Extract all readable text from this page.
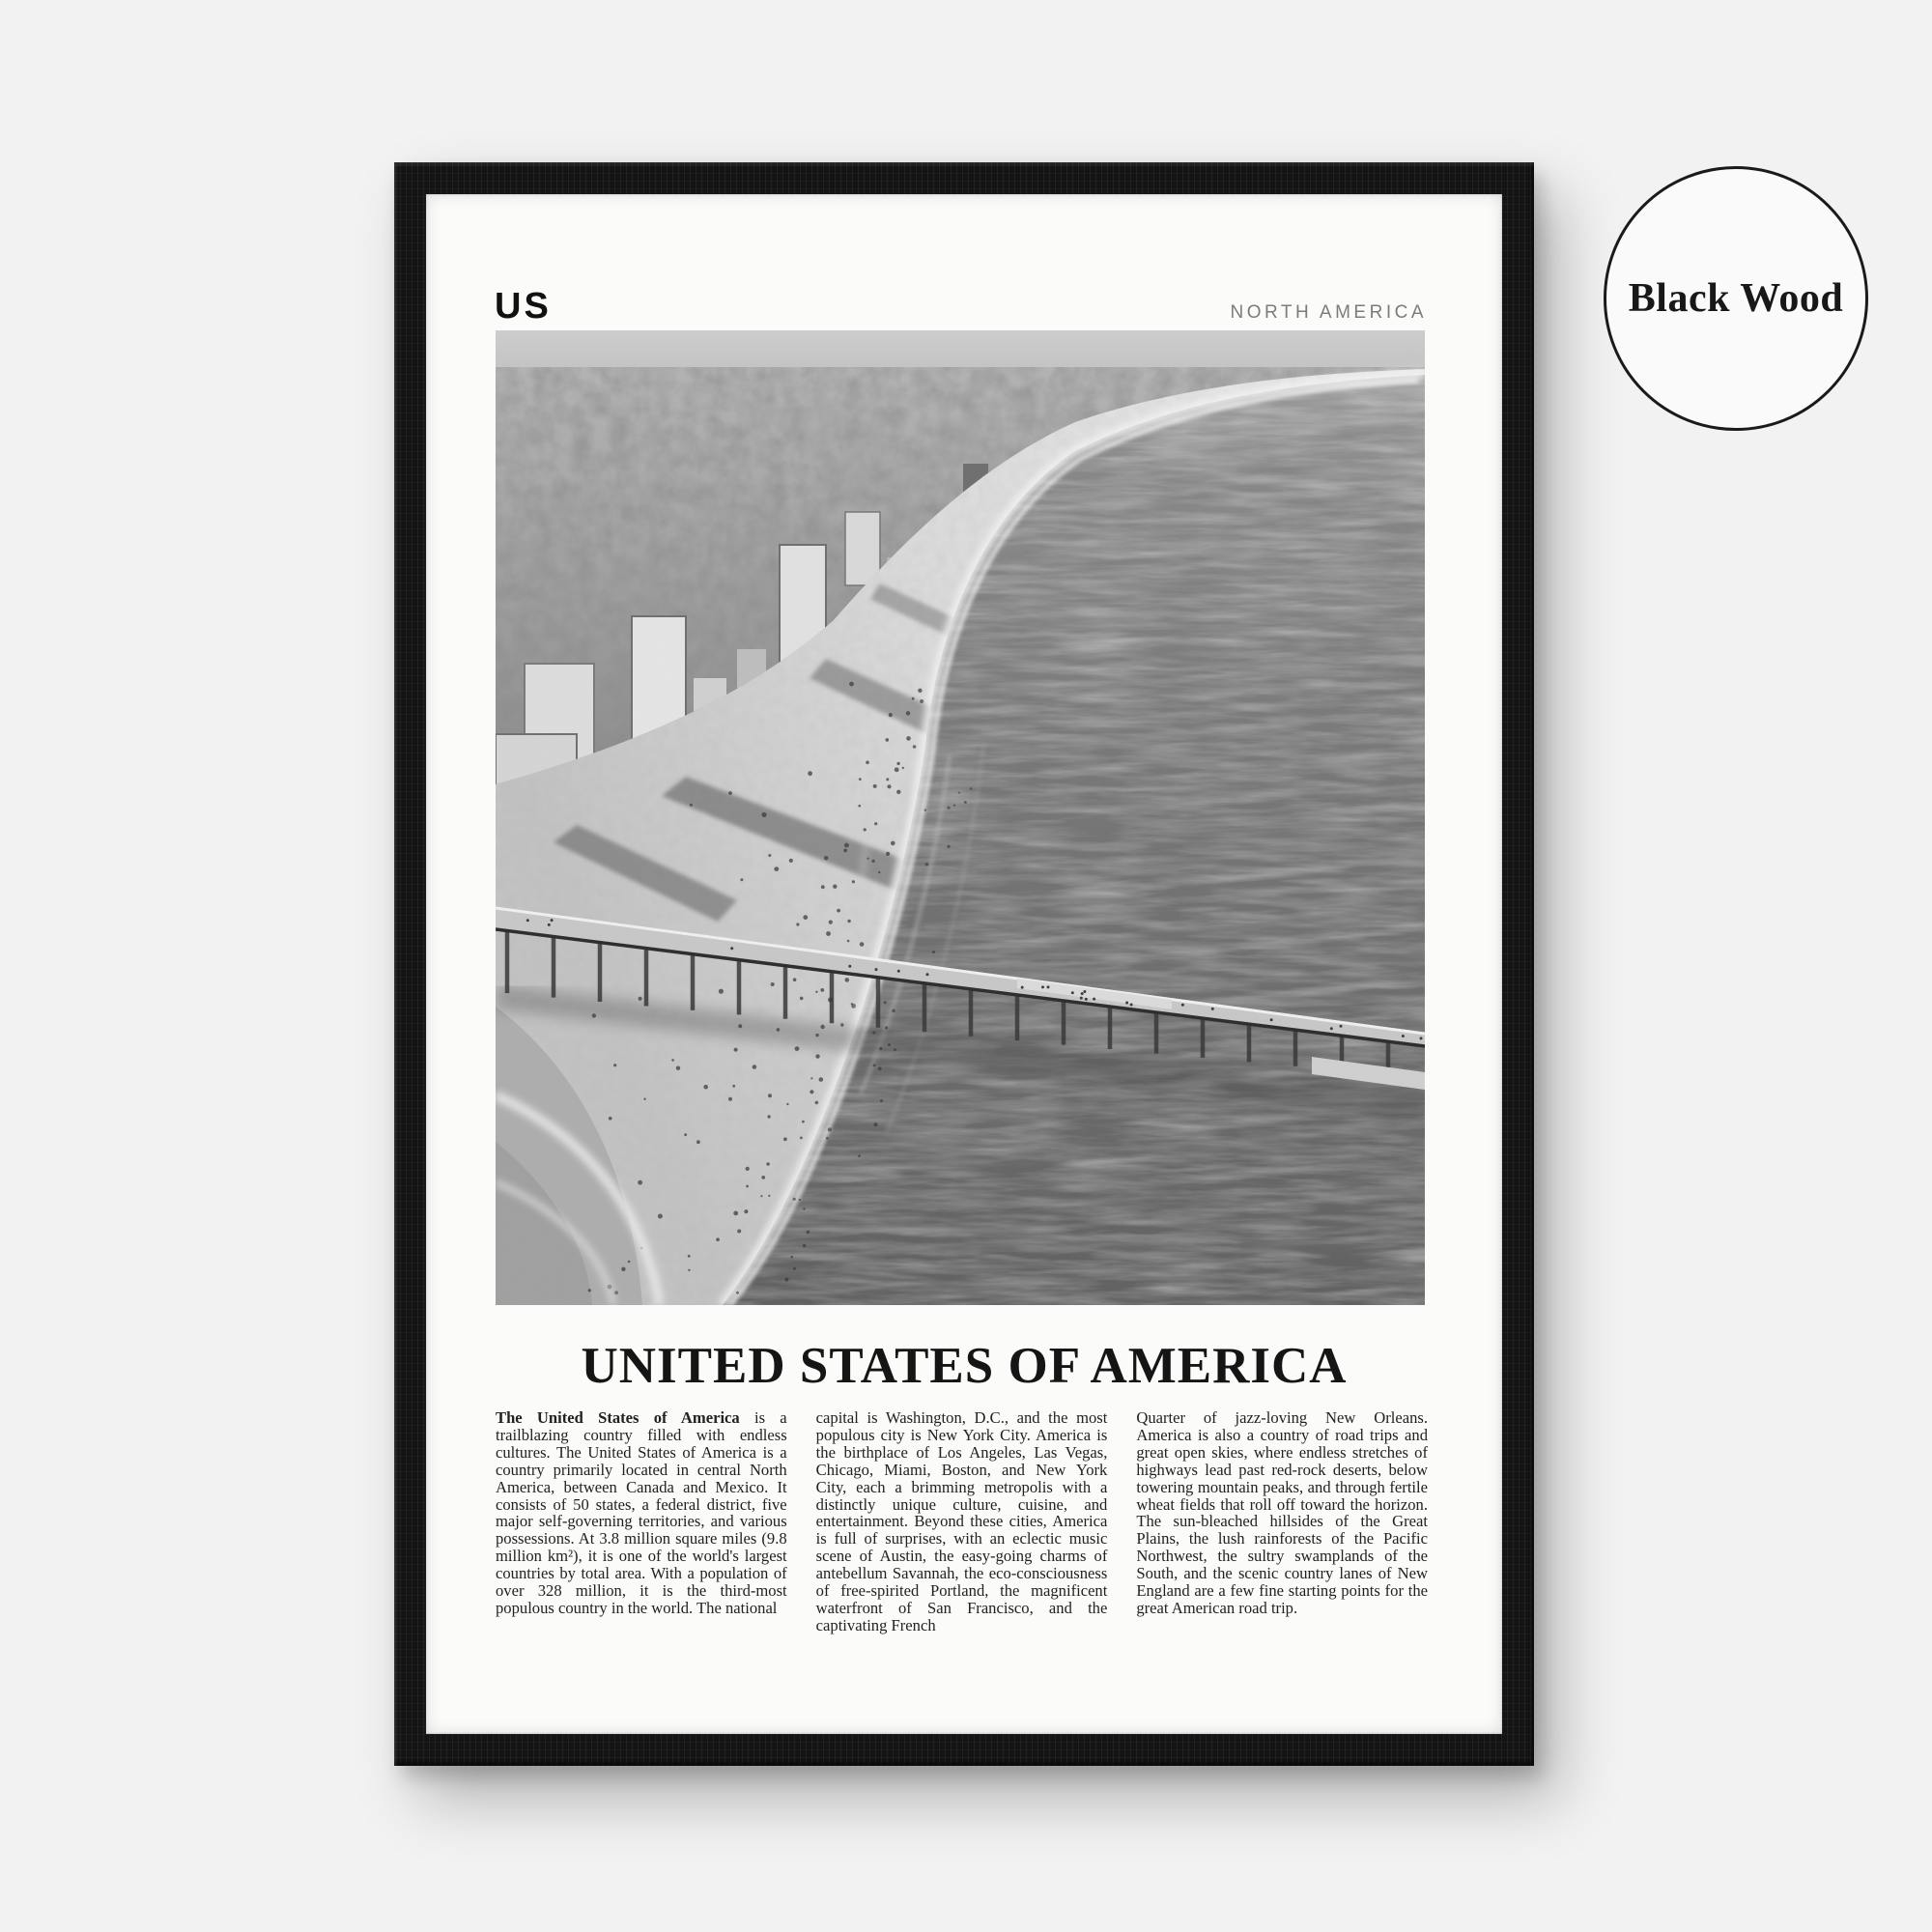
US	NORTH AMERICA
UNITED STATES OF AMERICA
The United States of America is a trailblazing country filled with endless cultures. The United States of America is a country primarily located in central North America, between Canada and Mexico. It consists of 50 states, a federal district, five major self-governing territories, and various possessions. At 3.8 million square miles (9.8 million km²), it is one of the world's largest countries by total area. With a population of over 328 million, it is the third-most populous country in the world. The national
capital is Washington, D.C., and the most populous city is New York City. America is the birthplace of Los Angeles, Las Vegas, Chicago, Miami, Boston, and New York City, each a brimming metropolis with a distinctly unique culture, cuisine, and entertainment. Beyond these cities, America is full of surprises, with an eclectic music scene of Austin, the easy-going charms of antebellum Savannah, the eco-consciousness of free-spirited Portland, the magnificent waterfront of San Francisco, and the captivating French
Quarter of jazz-loving New Orleans. America is also a country of road trips and great open skies, where endless stretches of highways lead past red-rock deserts, below towering mountain peaks, and through fertile wheat fields that roll off toward the horizon. The sun-bleached hillsides of the Great Plains, the lush rainforests of the Pacific Northwest, the sultry swamplands of the South, and the scenic country lanes of New England are a few fine starting points for the great American road trip.
Black Wood
